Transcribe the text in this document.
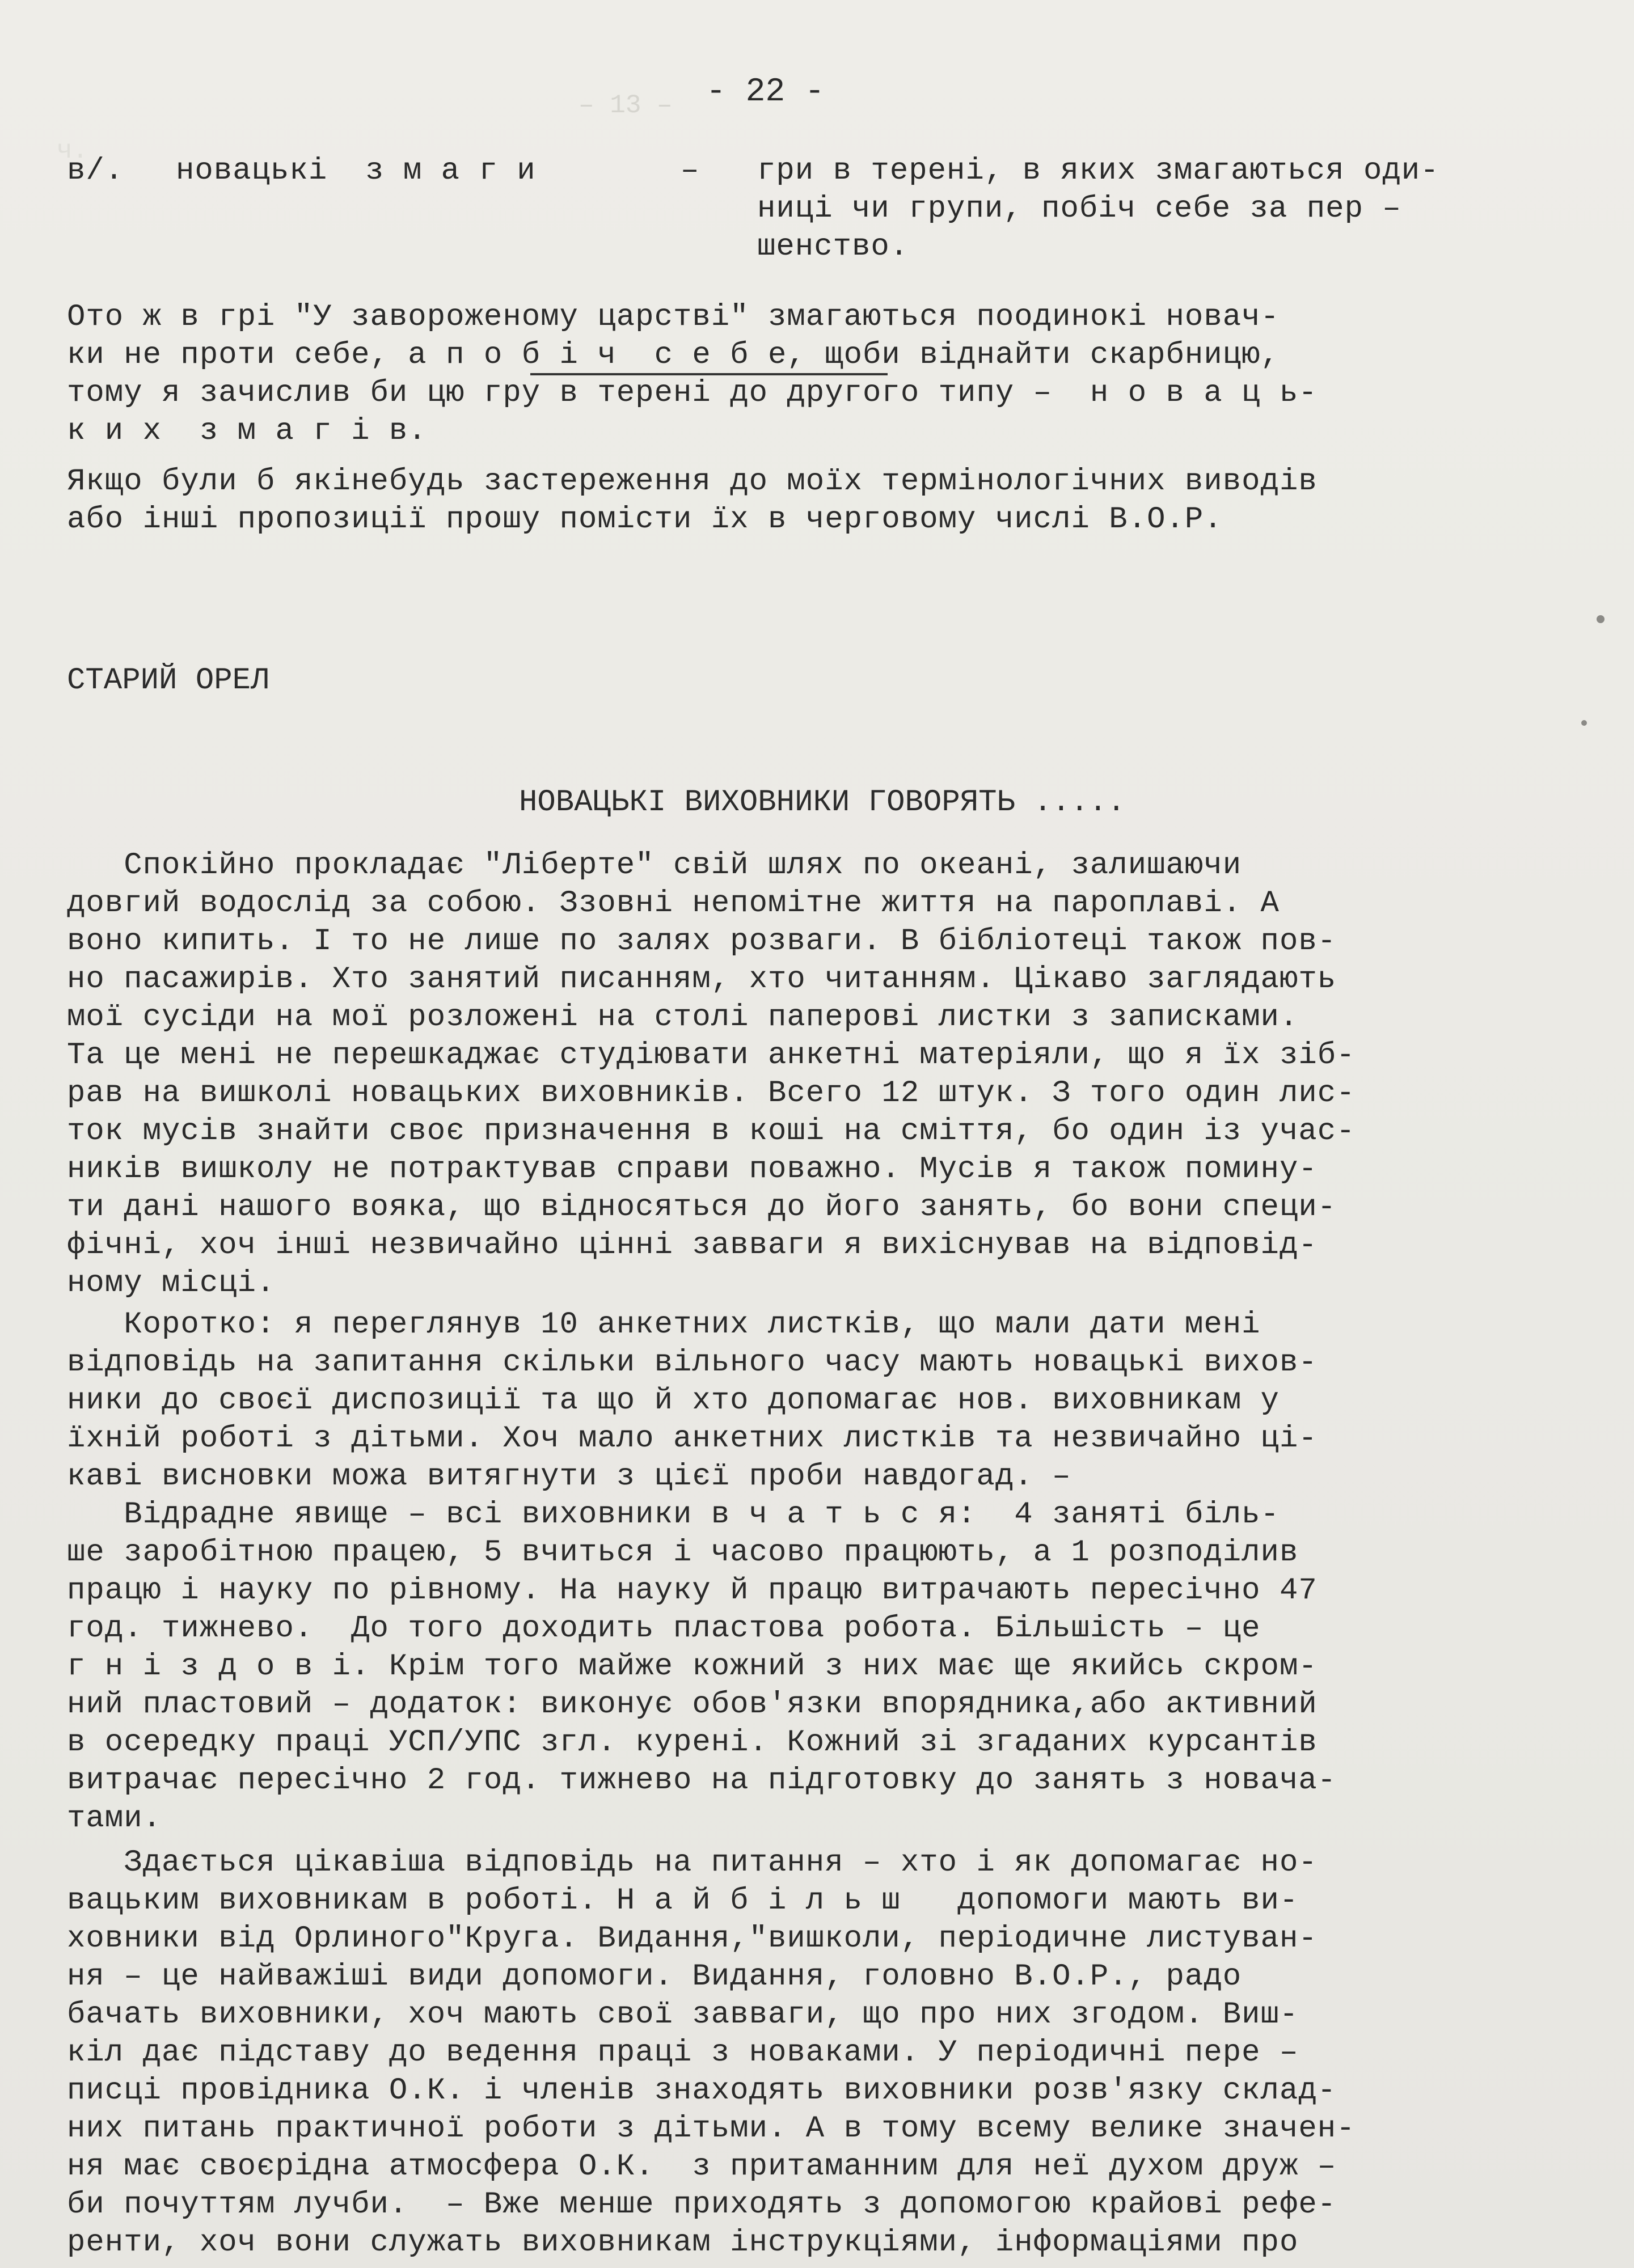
– 13 –
ч.
- 22 -
в/. новацькі  з м а г и	– гри в терені, в яких змагаються оди-
ниці чи групи, побіч себе за пер –
шенство.
Ото ж в грі "У завороженому царстві" змагаються поодинокі новач-
ки не проти себе, а п о б і ч  с е б е, щоби віднайти скарбницю,
тому я зачислив би цю гру в терені до другого типу –  н о в а ц ь-
к и х  з м а г і в.
Якщо були б якінебудь застереження до моїх термінологічних виводів
або інші пропозиції прошу помісти їх в черговому числі В.О.Р.
СТАРИЙ ОРЕЛ
НОВАЦЬКІ ВИХОВНИКИ ГОВОРЯТЬ .....
Спокійно прокладає "Ліберте" свій шлях по океані, залишаючи
довгий водослід за собою. Ззовні непомітне життя на пароплаві. А
воно кипить. І то не лише по залях розваги. В бібліотеці також пов-
но пасажирів. Хто занятий писанням, хто читанням. Цікаво заглядають
мої сусіди на мої розложені на столі паперові листки з записками.
Та це мені не перешкаджає студіювати анкетні матеріяли, що я їх зіб-
рав на вишколі новацьких виховників. Всего 12 штук. З того один лис-
ток мусів знайти своє призначення в коші на сміття, бо один із учас-
ників вишколу не потрактував справи поважно. Мусів я також помину-
ти дані нашого вояка, що відносяться до його занять, бо вони специ-
фічні, хоч інші незвичайно цінні завваги я вихіснував на відповід-
ному місці.
Коротко: я переглянув 10 анкетних листків, що мали дати мені
відповідь на запитання скільки вільного часу мають новацькі вихов-
ники до своєї диспозиції та що й хто допомагає нов. виховникам у
їхній роботі з дітьми. Хоч мало анкетних листків та незвичайно ці-
каві висновки можа витягнути з цієї проби навдогад. –
Відрадне явище – всі виховники в ч а т ь с я:  4 заняті біль-
ше заробітною працею, 5 вчиться і часово працюють, а 1 розподілив
працю і науку по рівному. На науку й працю витрачають пересічно 47
год. тижнево.  До того доходить пластова робота. Більшість – це
г н і з д о в і. Крім того майже кожний з них має ще якийсь скром-
ний пластовий – додаток: виконує обов'язки впорядника,або активний
в осередку праці УСП/УПС згл. курені. Кожний зі згаданих курсантів
витрачає пересічно 2 год. тижнево на підготовку до занять з новача-
тами.
Здається цікавіша відповідь на питання – хто і як допомагає но-
вацьким виховникам в роботі. Н а й б і л ь ш   допомоги мають ви-
ховники від Орлиного"Круга. Видання,"вишколи, періодичне листуван-
ня – це найважіші види допомоги. Видання, головно В.О.Р., радо
бачать виховники, хоч мають свої завваги, що про них згодом. Виш-
кіл дає підставу до ведення праці з новаками. У періодичні пере –
писці провідника О.К. і членів знаходять виховники розв'язку склад-
них питань практичної роботи з дітьми. А в тому всему велике значен-
ня має своєрідна атмосфера О.К.  з притаманним для неї духом друж –
би почуттям лучби.  – Вже менше приходять з допомогою крайові рефе-
ренти, хоч вони служать виховникам інструкціями, інформаціями про
